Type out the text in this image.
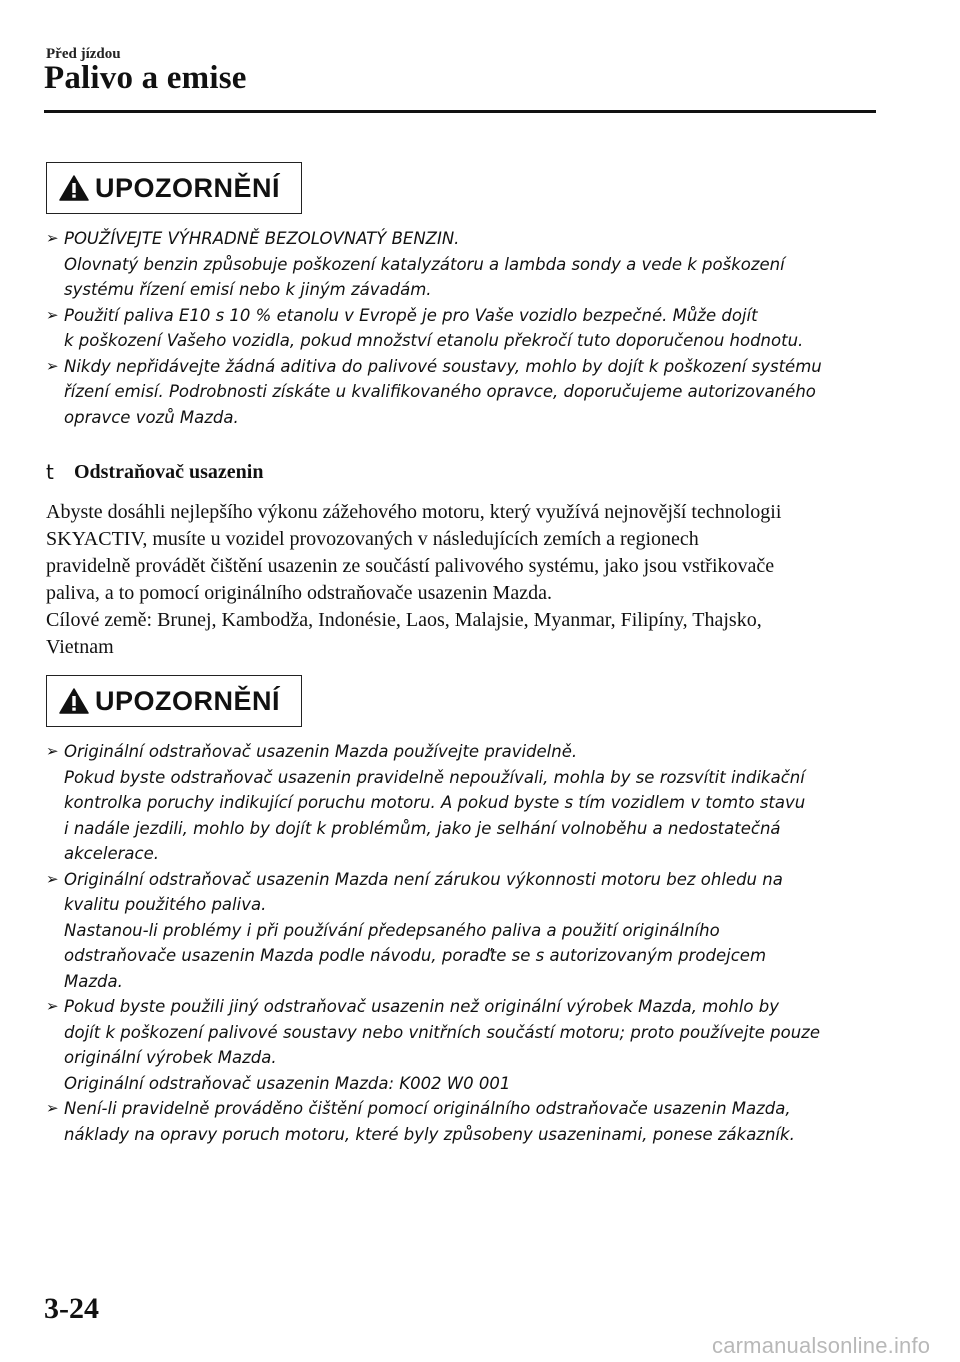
Před jízdou
Palivo a emise
UPOZORNĚNÍ
➢ POUŽÍVEJTE VÝHRADNĚ BEZOLOVNATÝ BENZIN.

Olovnatý benzin způsobuje poškození katalyzátoru a lambda sondy a vede k poškození

systému řízení emisí nebo k jiným závadám.

➢ Použití paliva E10 s 10 % etanolu v Evropě je pro Vaše vozidlo bezpečné. Může dojít

k poškození Vašeho vozidla, pokud množství etanolu překročí tuto doporučenou hodnotu.

➢ Nikdy nepřidávejte žádná aditiva do palivové soustavy, mohlo by dojít k poškození systému

řízení emisí. Podrobnosti získáte u kvalifikovaného opravce, doporučujeme autorizovaného

opravce vozů Mazda.

t	Odstraňovač usazenin

Abyste dosáhli nejlepšího výkonu zážehového motoru, který využívá nejnovější technologii

SKYACTIV, musíte u vozidel provozovaných v následujících zemích a regionech

pravidelně provádět čištění usazenin ze součástí palivového systému, jako jsou vstřikovače

paliva, a to pomocí originálního odstraňovače usazenin Mazda.

Cílové země: Brunej, Kambodža, Indonésie, Laos, Malajsie, Myanmar, Filipíny, Thajsko,

Vietnam

UPOZORNĚNÍ
➢ Originální odstraňovač usazenin Mazda používejte pravidelně.

Pokud byste odstraňovač usazenin pravidelně nepoužívali, mohla by se rozsvítit indikační

kontrolka poruchy indikující poruchu motoru. A pokud byste s tím vozidlem v tomto stavu

i nadále jezdili, mohlo by dojít k problémům, jako je selhání volnoběhu a nedostatečná

akcelerace.

➢ Originální odstraňovač usazenin Mazda není zárukou výkonnosti motoru bez ohledu na

kvalitu použitého paliva.

Nastanou-li problémy i při používání předepsaného paliva a použití originálního

odstraňovače usazenin Mazda podle návodu, poraďte se s autorizovaným prodejcem

Mazda.

➢ Pokud byste použili jiný odstraňovač usazenin než originální výrobek Mazda, mohlo by

dojít k poškození palivové soustavy nebo vnitřních součástí motoru; proto používejte pouze

originální výrobek Mazda.

Originální odstraňovač usazenin Mazda: K002 W0 001

➢ Není-li pravidelně prováděno čištění pomocí originálního odstraňovače usazenin Mazda,

náklady na opravy poruch motoru, které byly způsobeny usazeninami, ponese zákazník.

3-24
carmanualsonline.info
